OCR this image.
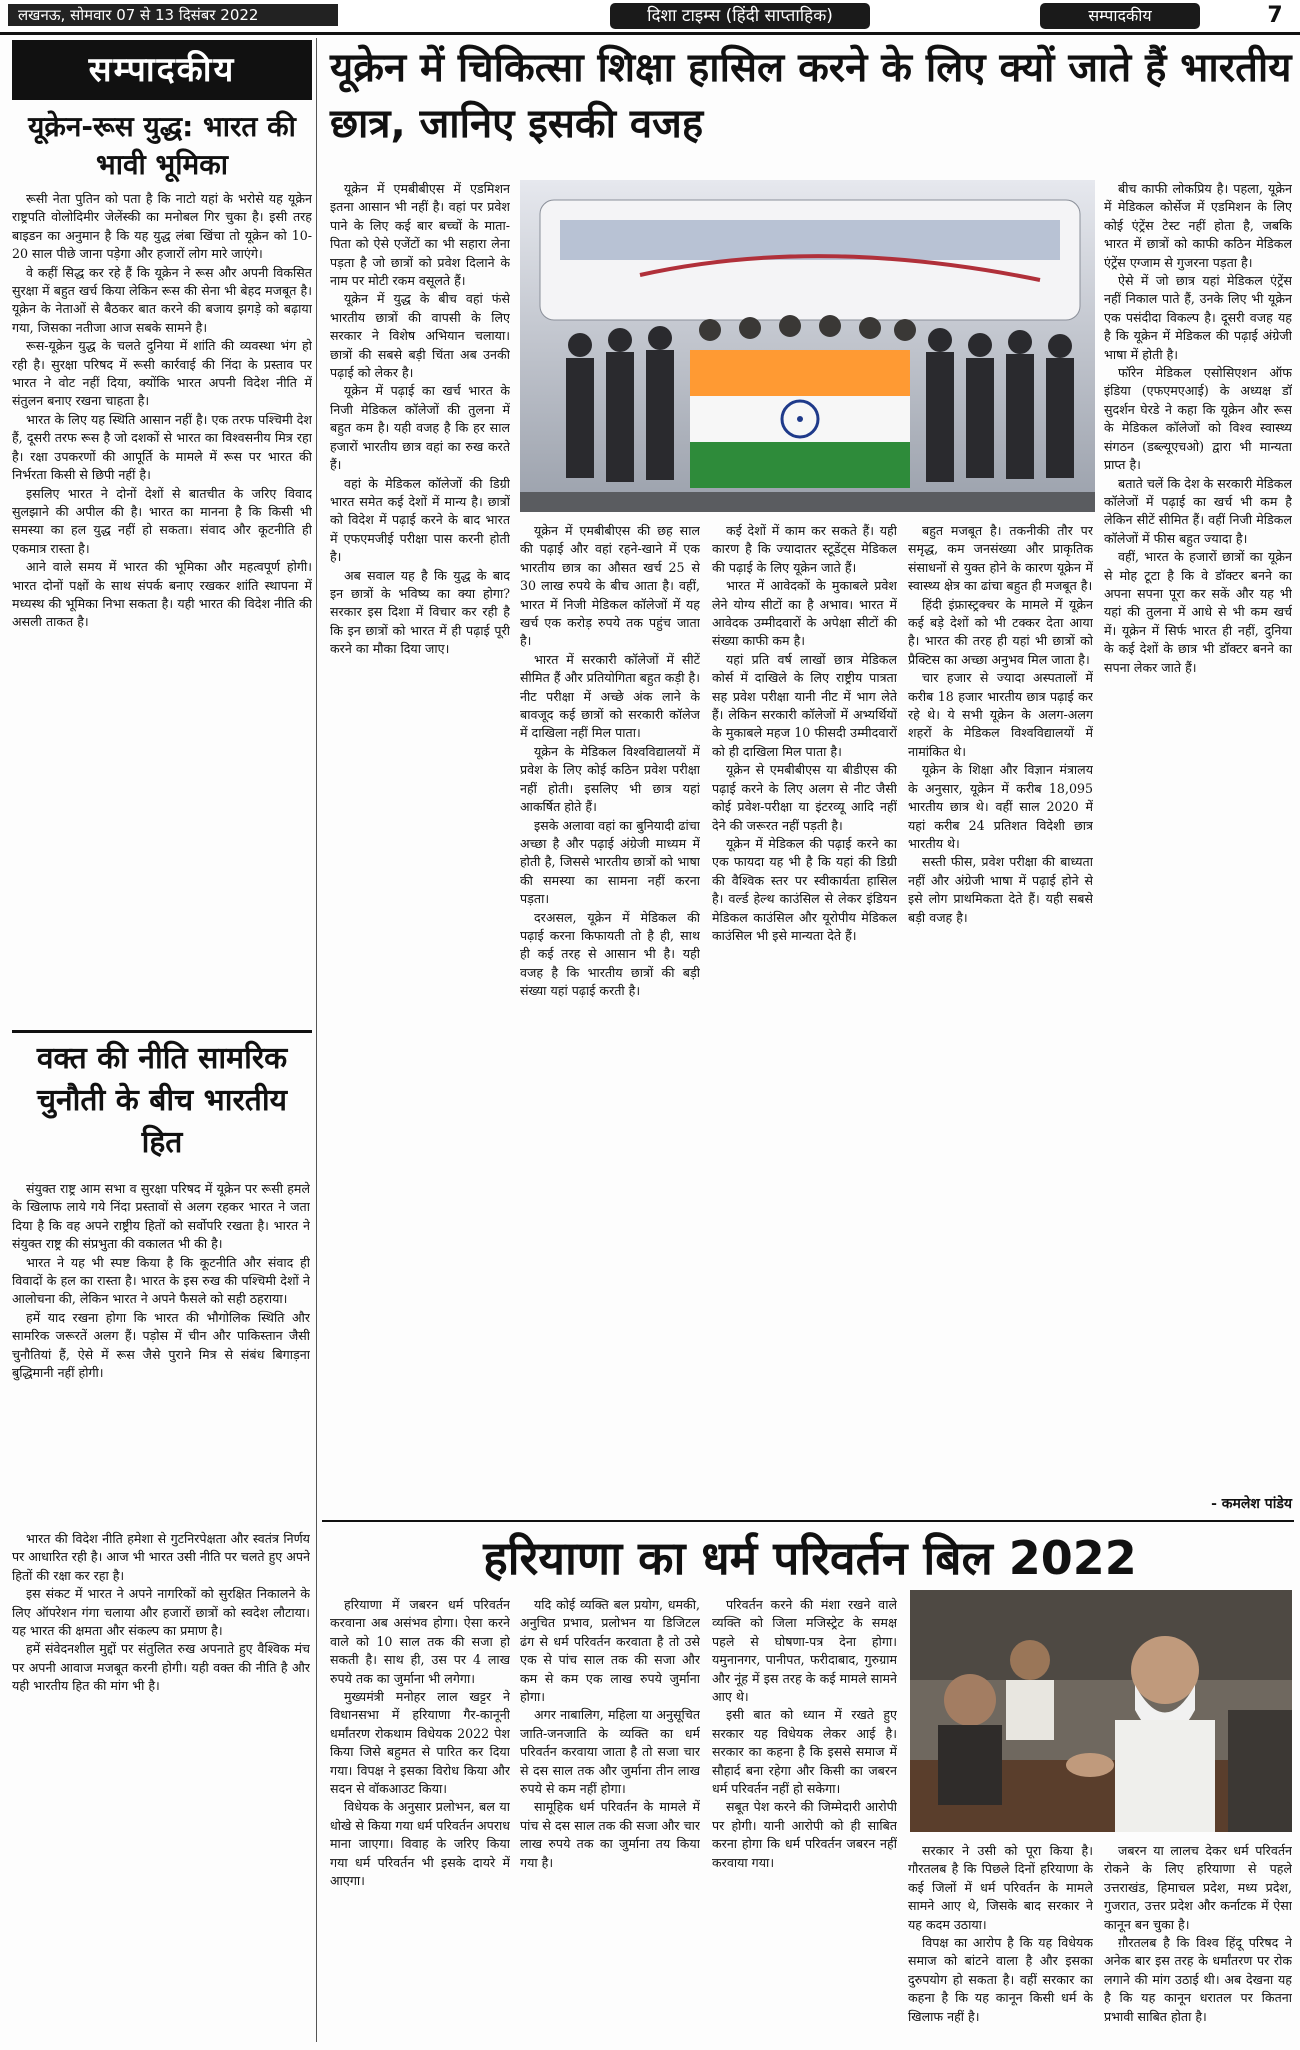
लखनऊ, सोमवार 07 से 13 दिसंबर 2022	दिशा टाइम्स (हिंदी साप्ताहिक)	सम्पादकीय	7
सम्पादकीय
यूक्रेन-रूस युद्ध: भारत की भावी भूमिका

रूसी नेता पुतिन को पता है कि नाटो यहां के भरोसे यह यूक्रेन राष्ट्रपति वोलोदिमीर जेलेंस्की का मनोबल गिर चुका है। इसी तरह बाइडन का अनुमान है कि यह युद्ध लंबा खिंचा तो यूक्रेन को 10-20 साल पीछे जाना पड़ेगा और हजारों लोग मारे जाएंगे।

वे कहीं सिद्ध कर रहे हैं कि यूक्रेन ने रूस और अपनी विकसित सुरक्षा में बहुत खर्च किया लेकिन रूस की सेना भी बेहद मजबूत है। यूक्रेन के नेताओं से बैठकर बात करने की बजाय झगड़े को बढ़ाया गया, जिसका नतीजा आज सबके सामने है।

रूस-यूक्रेन युद्ध के चलते दुनिया में शांति की व्यवस्था भंग हो रही है। सुरक्षा परिषद में रूसी कार्रवाई की निंदा के प्रस्ताव पर भारत ने वोट नहीं दिया, क्योंकि भारत अपनी विदेश नीति में संतुलन बनाए रखना चाहता है।

भारत के लिए यह स्थिति आसान नहीं है। एक तरफ पश्चिमी देश हैं, दूसरी तरफ रूस है जो दशकों से भारत का विश्वसनीय मित्र रहा है। रक्षा उपकरणों की आपूर्ति के मामले में रूस पर भारत की निर्भरता किसी से छिपी नहीं है।

इसलिए भारत ने दोनों देशों से बातचीत के जरिए विवाद सुलझाने की अपील की है। भारत का मानना है कि किसी भी समस्या का हल युद्ध नहीं हो सकता। संवाद और कूटनीति ही एकमात्र रास्ता है।

आने वाले समय में भारत की भूमिका और महत्वपूर्ण होगी। भारत दोनों पक्षों के साथ संपर्क बनाए रखकर शांति स्थापना में मध्यस्थ की भूमिका निभा सकता है। यही भारत की विदेश नीति की असली ताकत है।

वक्त की नीति सामरिक चुनौती के बीच भारतीय हित

संयुक्त राष्ट्र आम सभा व सुरक्षा परिषद में यूक्रेन पर रूसी हमले के खिलाफ लाये गये निंदा प्रस्तावों से अलग रहकर भारत ने जता दिया है कि वह अपने राष्ट्रीय हितों को सर्वोपरि रखता है। भारत ने संयुक्त राष्ट्र की संप्रभुता की वकालत भी की है।

भारत ने यह भी स्पष्ट किया है कि कूटनीति और संवाद ही विवादों के हल का रास्ता है। भारत के इस रुख की पश्चिमी देशों ने आलोचना की, लेकिन भारत ने अपने फैसले को सही ठहराया।

हमें याद रखना होगा कि भारत की भौगोलिक स्थिति और सामरिक जरूरतें अलग हैं। पड़ोस में चीन और पाकिस्तान जैसी चुनौतियां हैं, ऐसे में रूस जैसे पुराने मित्र से संबंध बिगाड़ना बुद्धिमानी नहीं होगी।

भारत की विदेश नीति हमेशा से गुटनिरपेक्षता और स्वतंत्र निर्णय पर आधारित रही है। आज भी भारत उसी नीति पर चलते हुए अपने हितों की रक्षा कर रहा है।

इस संकट में भारत ने अपने नागरिकों को सुरक्षित निकालने के लिए ऑपरेशन गंगा चलाया और हजारों छात्रों को स्वदेश लौटाया। यह भारत की क्षमता और संकल्प का प्रमाण है।

हमें संवेदनशील मुद्दों पर संतुलित रुख अपनाते हुए वैश्विक मंच पर अपनी आवाज मजबूत करनी होगी। यही वक्त की नीति है और यही भारतीय हित की मांग भी है।

यूक्रेन में चिकित्सा शिक्षा हासिल करने के लिए क्यों जाते हैं भारतीय छात्र, जानिए इसकी वजह

यूक्रेन में एमबीबीएस में एडमिशन इतना आसान भी नहीं है। वहां पर प्रवेश पाने के लिए कई बार बच्चों के माता-पिता को ऐसे एजेंटों का भी सहारा लेना पड़ता है जो छात्रों को प्रवेश दिलाने के नाम पर मोटी रकम वसूलते हैं।

यूक्रेन में युद्ध के बीच वहां फंसे भारतीय छात्रों की वापसी के लिए सरकार ने विशेष अभियान चलाया। छात्रों की सबसे बड़ी चिंता अब उनकी पढ़ाई को लेकर है।

यूक्रेन में पढ़ाई का खर्च भारत के निजी मेडिकल कॉलेजों की तुलना में बहुत कम है। यही वजह है कि हर साल हजारों भारतीय छात्र वहां का रुख करते हैं।

वहां के मेडिकल कॉलेजों की डिग्री भारत समेत कई देशों में मान्य है। छात्रों को विदेश में पढ़ाई करने के बाद भारत में एफएमजीई परीक्षा पास करनी होती है।

अब सवाल यह है कि युद्ध के बाद इन छात्रों के भविष्य का क्या होगा? सरकार इस दिशा में विचार कर रही है कि इन छात्रों को भारत में ही पढ़ाई पूरी करने का मौका दिया जाए।

यूक्रेन में एमबीबीएस की छह साल की पढ़ाई और वहां रहने-खाने में एक भारतीय छात्र का औसत खर्च 25 से 30 लाख रुपये के बीच आता है। वहीं, भारत में निजी मेडिकल कॉलेजों में यह खर्च एक करोड़ रुपये तक पहुंच जाता है।

भारत में सरकारी कॉलेजों में सीटें सीमित हैं और प्रतियोगिता बहुत कड़ी है। नीट परीक्षा में अच्छे अंक लाने के बावजूद कई छात्रों को सरकारी कॉलेज में दाखिला नहीं मिल पाता।

यूक्रेन के मेडिकल विश्वविद्यालयों में प्रवेश के लिए कोई कठिन प्रवेश परीक्षा नहीं होती। इसलिए भी छात्र यहां आकर्षित होते हैं।

इसके अलावा वहां का बुनियादी ढांचा अच्छा है और पढ़ाई अंग्रेजी माध्यम में होती है, जिससे भारतीय छात्रों को भाषा की समस्या का सामना नहीं करना पड़ता।

दरअसल, यूक्रेन में मेडिकल की पढ़ाई करना किफायती तो है ही, साथ ही कई तरह से आसान भी है। यही वजह है कि भारतीय छात्रों की बड़ी संख्या यहां पढ़ाई करती है।

कई देशों में काम कर सकते हैं। यही कारण है कि ज्यादातर स्टूडेंट्स मेडिकल की पढ़ाई के लिए यूक्रेन जाते हैं।

भारत में आवेदकों के मुकाबले प्रवेश लेने योग्य सीटों का है अभाव। भारत में आवेदक उम्मीदवारों के अपेक्षा सीटों की संख्या काफी कम है।

यहां प्रति वर्ष लाखों छात्र मेडिकल कोर्स में दाखिले के लिए राष्ट्रीय पात्रता सह प्रवेश परीक्षा यानी नीट में भाग लेते हैं। लेकिन सरकारी कॉलेजों में अभ्यर्थियों के मुकाबले महज 10 फीसदी उम्मीदवारों को ही दाखिला मिल पाता है।

यूक्रेन से एमबीबीएस या बीडीएस की पढ़ाई करने के लिए अलग से नीट जैसी कोई प्रवेश-परीक्षा या इंटरव्यू आदि नहीं देने की जरूरत नहीं पड़ती है।

यूक्रेन में मेडिकल की पढ़ाई करने का एक फायदा यह भी है कि यहां की डिग्री की वैश्विक स्तर पर स्वीकार्यता हासिल है। वर्ल्ड हेल्थ काउंसिल से लेकर इंडियन मेडिकल काउंसिल और यूरोपीय मेडिकल काउंसिल भी इसे मान्यता देते हैं।

बहुत मजबूत है। तकनीकी तौर पर समृद्ध, कम जनसंख्या और प्राकृतिक संसाधनों से युक्त होने के कारण यूक्रेन में स्वास्थ्य क्षेत्र का ढांचा बहुत ही मजबूत है।

हिंदी इंफ्रास्ट्रक्चर के मामले में यूक्रेन कई बड़े देशों को भी टक्कर देता आया है। भारत की तरह ही यहां भी छात्रों को प्रैक्टिस का अच्छा अनुभव मिल जाता है।

चार हजार से ज्यादा अस्पतालों में करीब 18 हजार भारतीय छात्र पढ़ाई कर रहे थे। ये सभी यूक्रेन के अलग-अलग शहरों के मेडिकल विश्वविद्यालयों में नामांकित थे।

यूक्रेन के शिक्षा और विज्ञान मंत्रालय के अनुसार, यूक्रेन में करीब 18,095 भारतीय छात्र थे। वहीं साल 2020 में यहां करीब 24 प्रतिशत विदेशी छात्र भारतीय थे।

सस्ती फीस, प्रवेश परीक्षा की बाध्यता नहीं और अंग्रेजी भाषा में पढ़ाई होने से इसे लोग प्राथमिकता देते हैं। यही सबसे बड़ी वजह है।

बीच काफी लोकप्रिय है। पहला, यूक्रेन में मेडिकल कोर्सेज में एडमिशन के लिए कोई एंट्रेंस टेस्ट नहीं होता है, जबकि भारत में छात्रों को काफी कठिन मेडिकल एंट्रेंस एग्जाम से गुजरना पड़ता है।

ऐसे में जो छात्र यहां मेडिकल एंट्रेंस नहीं निकाल पाते हैं, उनके लिए भी यूक्रेन एक पसंदीदा विकल्प है। दूसरी वजह यह है कि यूक्रेन में मेडिकल की पढ़ाई अंग्रेजी भाषा में होती है।

फॉरेन मेडिकल एसोसिएशन ऑफ इंडिया (एफएमएआई) के अध्यक्ष डॉ सुदर्शन घेरडे ने कहा कि यूक्रेन और रूस के मेडिकल कॉलेजों को विश्व स्वास्थ्य संगठन (डब्ल्यूएचओ) द्वारा भी मान्यता प्राप्त है।

बताते चलें कि देश के सरकारी मेडिकल कॉलेजों में पढ़ाई का खर्च भी कम है लेकिन सीटें सीमित हैं। वहीं निजी मेडिकल कॉलेजों में फीस बहुत ज्यादा है।

वहीं, भारत के हजारों छात्रों का यूक्रेन से मोह टूटा है कि वे डॉक्टर बनने का अपना सपना पूरा कर सकें और यह भी यहां की तुलना में आधे से भी कम खर्च में। यूक्रेन में सिर्फ भारत ही नहीं, दुनिया के कई देशों के छात्र भी डॉक्टर बनने का सपना लेकर जाते हैं।

- कमलेश पांडेय
हरियाणा का धर्म परिवर्तन बिल 2022

हरियाणा में जबरन धर्म परिवर्तन करवाना अब असंभव होगा। ऐसा करने वाले को 10 साल तक की सजा हो सकती है। साथ ही, उस पर 4 लाख रुपये तक का जुर्माना भी लगेगा।

मुख्यमंत्री मनोहर लाल खट्टर ने विधानसभा में हरियाणा गैर-कानूनी धर्मांतरण रोकथाम विधेयक 2022 पेश किया जिसे बहुमत से पारित कर दिया गया। विपक्ष ने इसका विरोध किया और सदन से वॉकआउट किया।

विधेयक के अनुसार प्रलोभन, बल या धोखे से किया गया धर्म परिवर्तन अपराध माना जाएगा। विवाह के जरिए किया गया धर्म परिवर्तन भी इसके दायरे में आएगा।

यदि कोई व्यक्ति बल प्रयोग, धमकी, अनुचित प्रभाव, प्रलोभन या डिजिटल ढंग से धर्म परिवर्तन करवाता है तो उसे एक से पांच साल तक की सजा और कम से कम एक लाख रुपये जुर्माना होगा।

अगर नाबालिग, महिला या अनुसूचित जाति-जनजाति के व्यक्ति का धर्म परिवर्तन करवाया जाता है तो सजा चार से दस साल तक और जुर्माना तीन लाख रुपये से कम नहीं होगा।

सामूहिक धर्म परिवर्तन के मामले में पांच से दस साल तक की सजा और चार लाख रुपये तक का जुर्माना तय किया गया है।

परिवर्तन करने की मंशा रखने वाले व्यक्ति को जिला मजिस्ट्रेट के समक्ष पहले से घोषणा-पत्र देना होगा। यमुनानगर, पानीपत, फरीदाबाद, गुरुग्राम और नूंह में इस तरह के कई मामले सामने आए थे।

इसी बात को ध्यान में रखते हुए सरकार यह विधेयक लेकर आई है। सरकार का कहना है कि इससे समाज में सौहार्द बना रहेगा और किसी का जबरन धर्म परिवर्तन नहीं हो सकेगा।

सबूत पेश करने की जिम्मेदारी आरोपी पर होगी। यानी आरोपी को ही साबित करना होगा कि धर्म परिवर्तन जबरन नहीं करवाया गया।

सरकार ने उसी को पूरा किया है। गौरतलब है कि पिछले दिनों हरियाणा के कई जिलों में धर्म परिवर्तन के मामले सामने आए थे, जिसके बाद सरकार ने यह कदम उठाया।

विपक्ष का आरोप है कि यह विधेयक समाज को बांटने वाला है और इसका दुरुपयोग हो सकता है। वहीं सरकार का कहना है कि यह कानून किसी धर्म के खिलाफ नहीं है।

जबरन या लालच देकर धर्म परिवर्तन रोकने के लिए हरियाणा से पहले उत्तराखंड, हिमाचल प्रदेश, मध्य प्रदेश, गुजरात, उत्तर प्रदेश और कर्नाटक में ऐसा कानून बन चुका है।

ग़ौरतलब है कि विश्व हिंदू परिषद ने अनेक बार इस तरह के धर्मांतरण पर रोक लगाने की मांग उठाई थी। अब देखना यह है कि यह कानून धरातल पर कितना प्रभावी साबित होता है।
